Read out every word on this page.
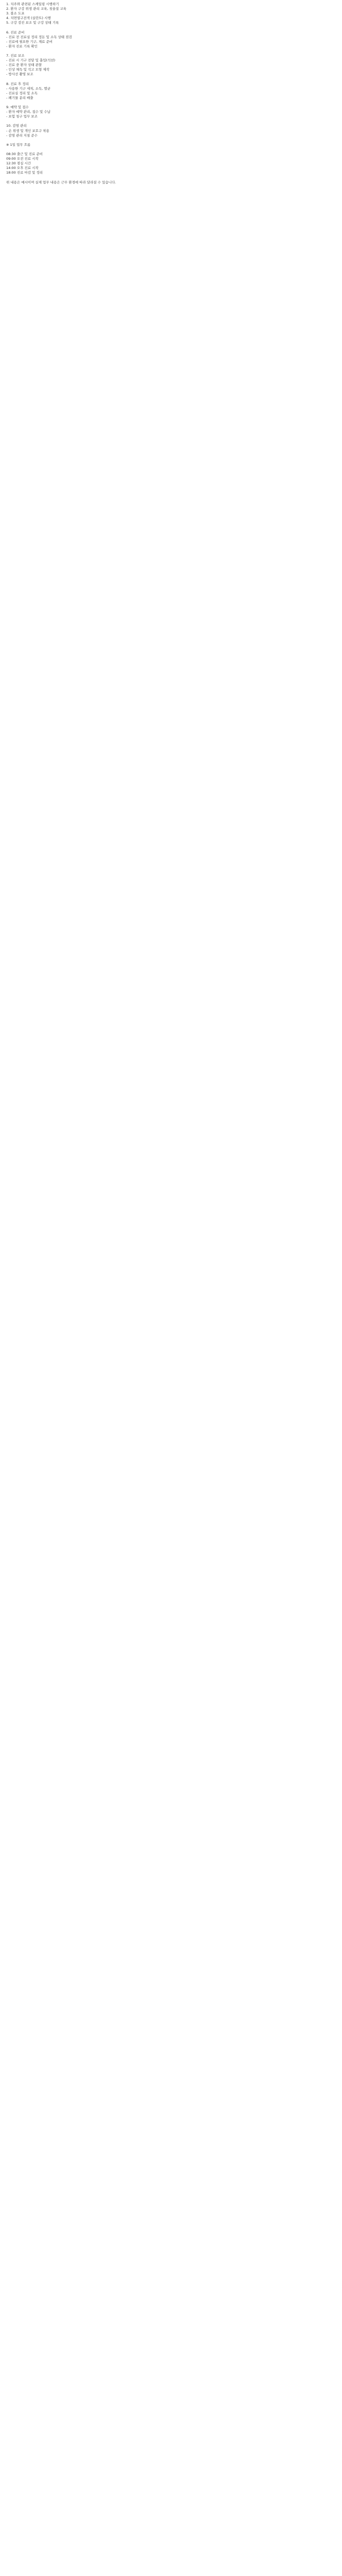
1. 치주와 관련된 스케일링 시행하기
2. 환자 구강 위생 관리 교육, 칫솔질 교육
3. 불소 도포
4. 치면열구전색 (실란트) 시행
5. 구강 검진 보조 및 구강 상태 기록
6. 진료 준비
- 진료 전 진료실 정리 정돈 및 소독 상태 점검
- 진료에 필요한 기구, 재료 준비
- 환자 진료 기록 확인
7. 진료 보조
- 진료 시 기구 전달 및 흡입(석션)
- 진료 중 환자 상태 관찰
- 인상 채득 및 석고 모형 제작
- 방사선 촬영 보조
8. 진료 후 정리
- 사용한 기구 세척, 소독, 멸균
- 진료실 정리 및 소독
- 폐기물 분리 배출
9. 예약 및 접수
- 환자 예약 관리, 접수 및 수납
- 보험 청구 업무 보조
10. 감염 관리
- 손 위생 및 개인 보호구 착용
- 감염 관리 지침 준수
※ 1일 업무 흐름
08:30 출근 및 진료 준비
09:00 오전 진료 시작
12:30 점심 시간
14:00 오후 진료 시작
18:00 진료 마감 및 정리
위 내용은 예시이며 실제 업무 내용은 근무 환경에 따라 달라질 수 있습니다.
